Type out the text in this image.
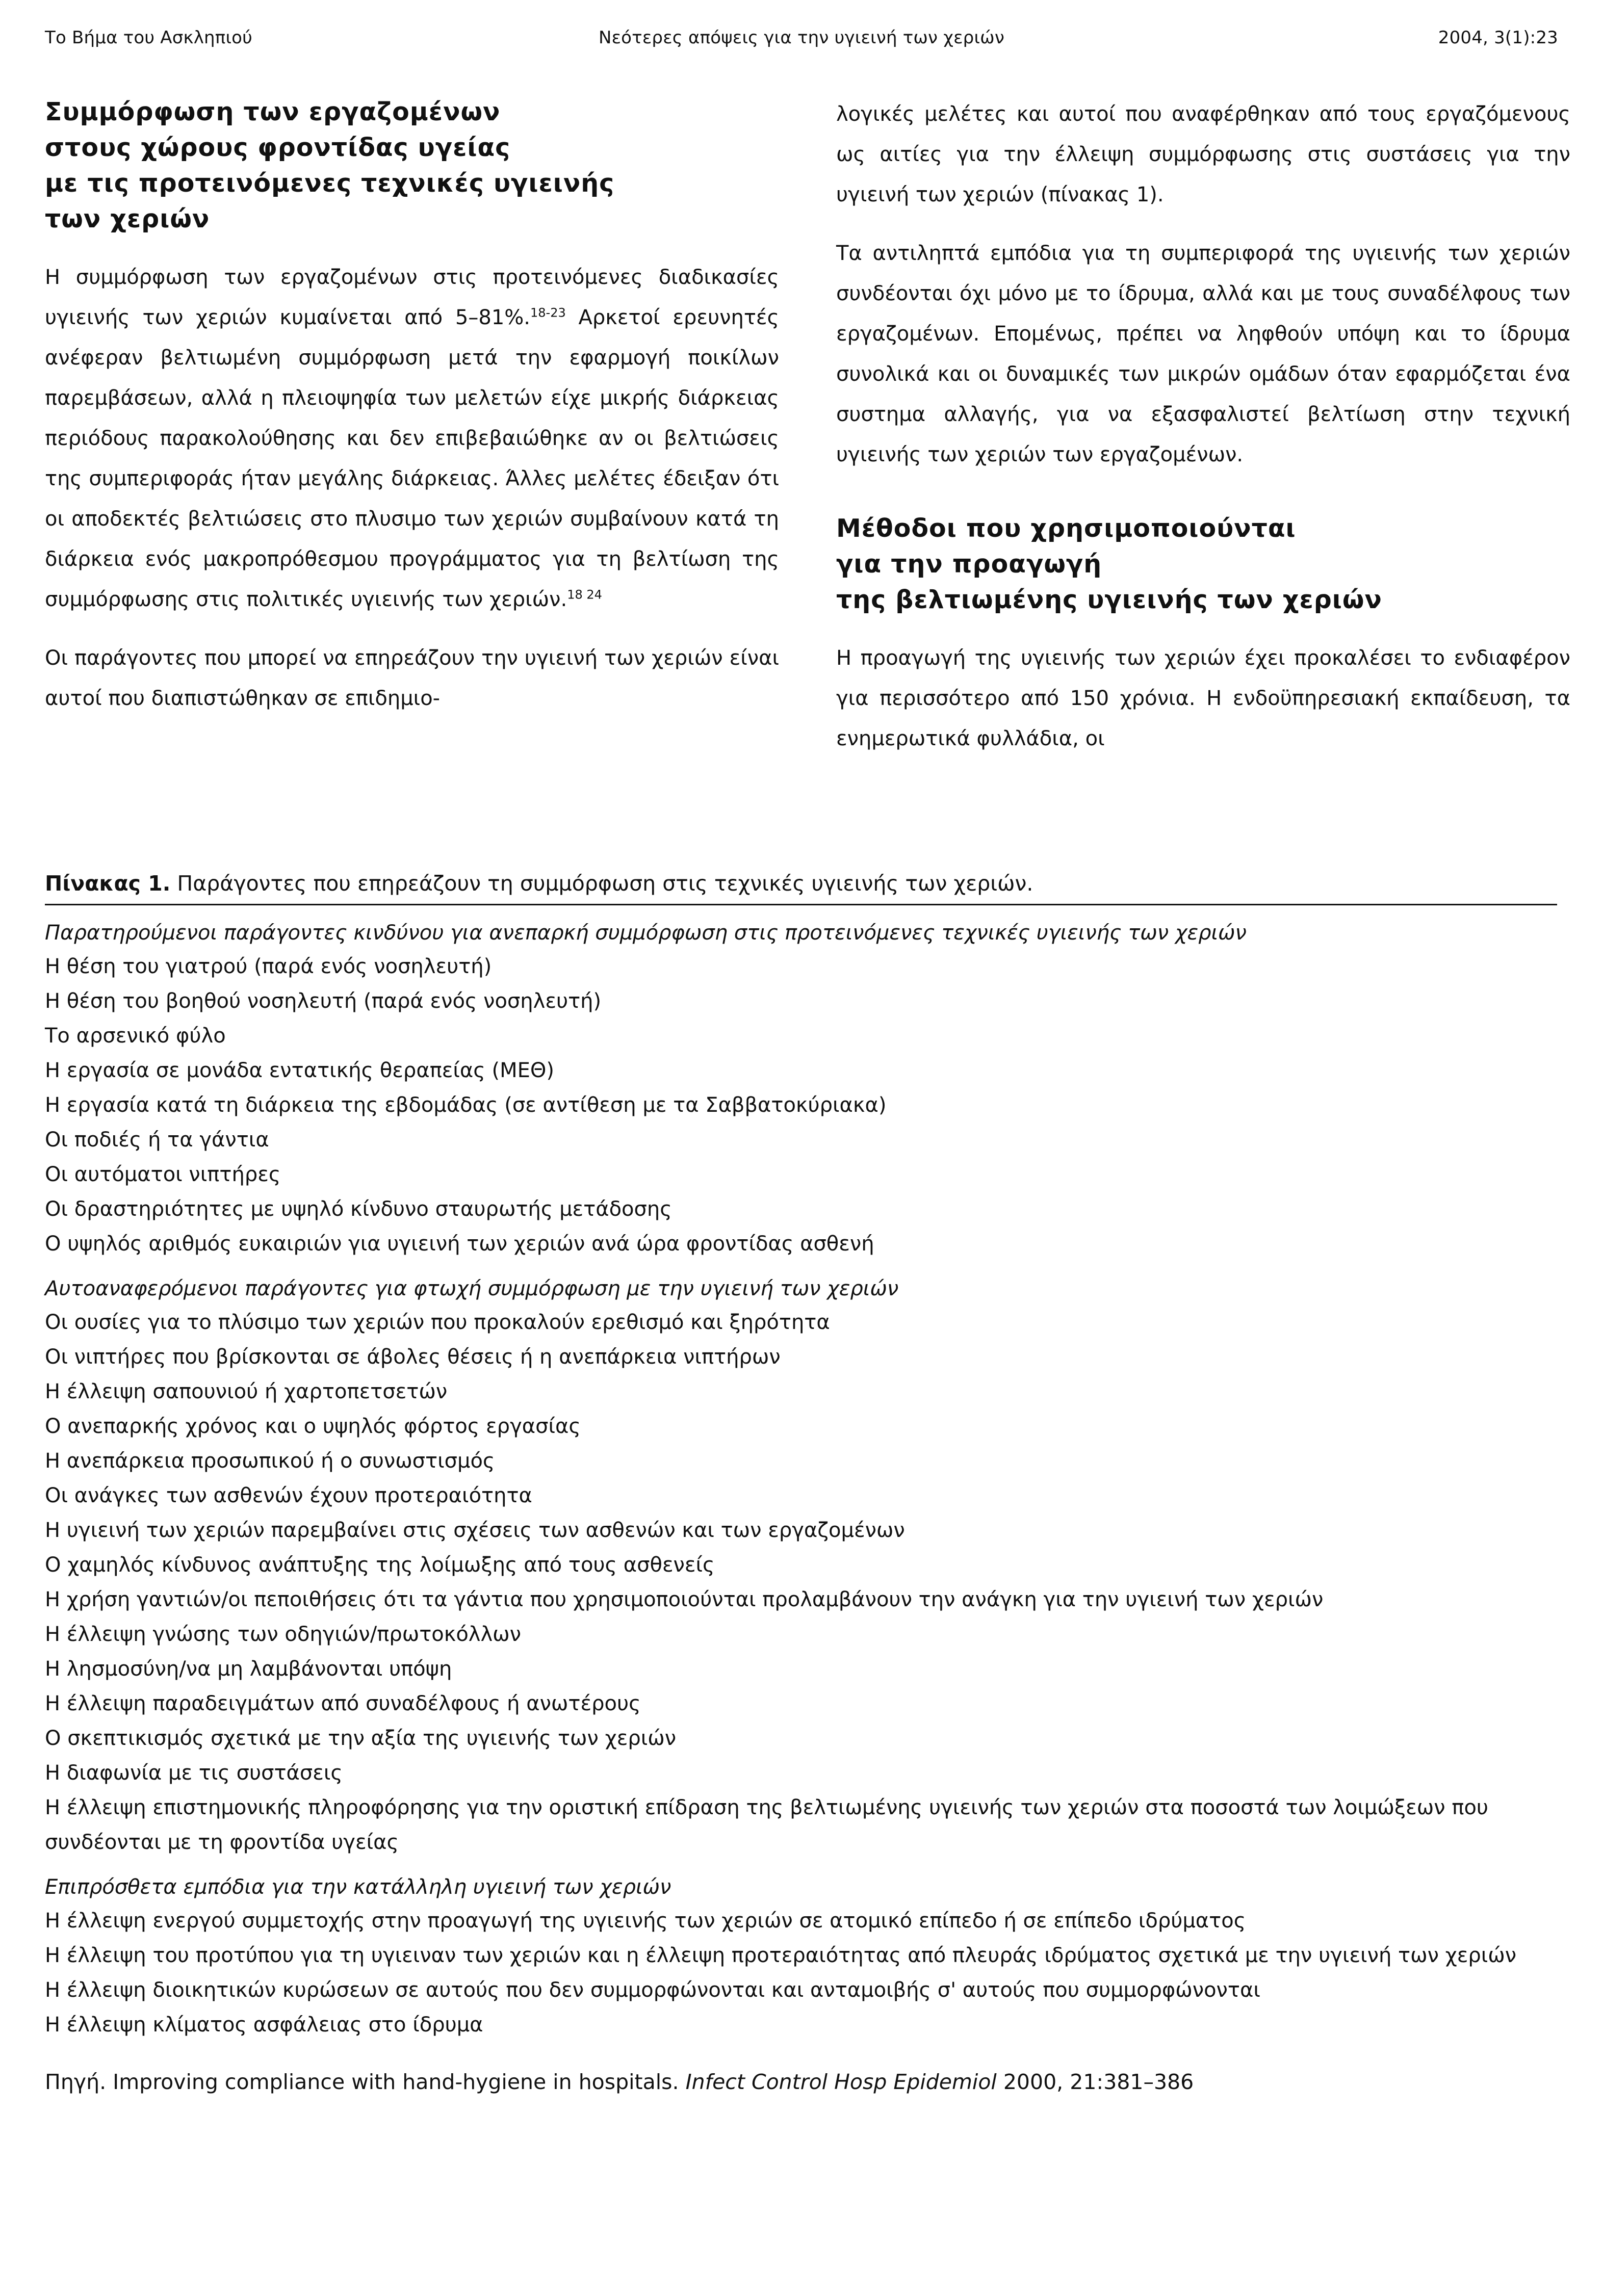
Το Βήμα του Ασκληπιού	Νεότερες απόψεις για την υγιεινή των χεριών	2004, 3(1):23
Συμμόρφωση των εργαζομένων
στους χώρους φροντίδας υγείας
με τις προτεινόμενες τεχνικές υγιεινής
των χεριών

Η συμμόρφωση των εργαζομένων στις προτεινόμενες διαδικασίες υγιεινής των χεριών κυμαίνεται από 5–81%.$^{18-23}$ Αρκετοί ερευνητές ανέφεραν βελτιωμένη συμμόρφωση μετά την εφαρμογή ποικίλων παρεμβάσεων, αλλά η πλειοψηφία των μελετών είχε μικρής διάρκειας περιόδους παρακολούθησης και δεν επιβεβαιώθηκε αν οι βελτιώσεις της συμπεριφοράς ήταν μεγάλης διάρκειας. Άλλες μελέτες έδειξαν ότι οι αποδεκτές βελτιώσεις στο πλυσιμο των χεριών συμβαίνουν κατά τη διάρκεια ενός μακροπρόθεσμου προγράμματος για τη βελτίωση της συμμόρφωσης στις πολιτικές υγιεινής των χεριών.$^{18 24}$

Οι παράγοντες που μπορεί να επηρεάζουν την υγιεινή των χεριών είναι αυτοί που διαπιστώθηκαν σε επιδημιο-

λογικές μελέτες και αυτοί που αναφέρθηκαν από τους εργαζόμενους ως αιτίες για την έλλειψη συμμόρφωσης στις συστάσεις για την υγιεινή των χεριών (πίνακας 1).

Τα αντιληπτά εμπόδια για τη συμπεριφορά της υγιεινής των χεριών συνδέονται όχι μόνο με το ίδρυμα, αλλά και με τους συναδέλφους των εργαζομένων. Επομένως, πρέπει να ληφθούν υπόψη και το ίδρυμα συνολικά και οι δυναμικές των μικρών ομάδων όταν εφαρμόζεται ένα συστημα αλλαγής, για να εξασφαλιστεί βελτίωση στην τεχνική υγιεινής των χεριών των εργαζομένων.

Μέθοδοι που χρησιμοποιούνται
για την προαγωγή
της βελτιωμένης υγιεινής των χεριών

Η προαγωγή της υγιεινής των χεριών έχει προκαλέσει το ενδιαφέρον για περισσότερο από 150 χρόνια. Η ενδοϋπηρεσιακή εκπαίδευση, τα ενημερωτικά φυλλάδια, οι

Πίνακας 1. Παράγοντες που επηρεάζουν τη συμμόρφωση στις τεχνικές υγιεινής των χεριών.

Παρατηρούμενοι παράγοντες κινδύνου για ανεπαρκή συμμόρφωση στις προτεινόμενες τεχνικές υγιεινής των χεριών
Η θέση του γιατρού (παρά ενός νοσηλευτή)
Η θέση του βοηθού νοσηλευτή (παρά ενός νοσηλευτή)
Το αρσενικό φύλο
Η εργασία σε μονάδα εντατικής θεραπείας (ΜΕΘ)
Η εργασία κατά τη διάρκεια της εβδομάδας (σε αντίθεση με τα Σαββατοκύριακα)
Οι ποδιές ή τα γάντια
Οι αυτόματοι νιπτήρες
Οι δραστηριότητες με υψηλό κίνδυνο σταυρωτής μετάδοσης
Ο υψηλός αριθμός ευκαιριών για υγιεινή των χεριών ανά ώρα φροντίδας ασθενή
Αυτοαναφερόμενοι παράγοντες για φτωχή συμμόρφωση με την υγιεινή των χεριών
Οι ουσίες για το πλύσιμο των χεριών που προκαλούν ερεθισμό και ξηρότητα
Οι νιπτήρες που βρίσκονται σε άβολες θέσεις ή η ανεπάρκεια νιπτήρων
Η έλλειψη σαπουνιού ή χαρτοπετσετών
Ο ανεπαρκής χρόνος και ο υψηλός φόρτος εργασίας
Η ανεπάρκεια προσωπικού ή ο συνωστισμός
Οι ανάγκες των ασθενών έχουν προτεραιότητα
Η υγιεινή των χεριών παρεμβαίνει στις σχέσεις των ασθενών και των εργαζομένων
Ο χαμηλός κίνδυνος ανάπτυξης της λοίμωξης από τους ασθενείς
Η χρήση γαντιών/οι πεποιθήσεις ότι τα γάντια που χρησιμοποιούνται προλαμβάνουν την ανάγκη για την υγιεινή των χεριών
Η έλλειψη γνώσης των οδηγιών/πρωτοκόλλων
Η λησμοσύνη/να μη λαμβάνονται υπόψη
Η έλλειψη παραδειγμάτων από συναδέλφους ή ανωτέρους
Ο σκεπτικισμός σχετικά με την αξία της υγιεινής των χεριών
Η διαφωνία με τις συστάσεις
Η έλλειψη επιστημονικής πληροφόρησης για την οριστική επίδραση της βελτιωμένης υγιεινής των χεριών στα ποσοστά των λοιμώξεων που συνδέονται με τη φροντίδα υγείας
Επιπρόσθετα εμπόδια για την κατάλληλη υγιεινή των χεριών
Η έλλειψη ενεργού συμμετοχής στην προαγωγή της υγιεινής των χεριών σε ατομικό επίπεδο ή σε επίπεδο ιδρύματος
Η έλλειψη του προτύπου για τη υγιειναν των χεριών και η έλλειψη προτεραιότητας από πλευράς ιδρύματος σχετικά με την υγιεινή των χεριών
Η έλλειψη διοικητικών κυρώσεων σε αυτούς που δεν συμμορφώνονται και ανταμοιβής σ' αυτούς που συμμορφώνονται
Η έλλειψη κλίματος ασφάλειας στο ίδρυμα

Πηγή. Improving compliance with hand-hygiene in hospitals. Infect Control Hosp Epidemiol 2000, 21:381–386
